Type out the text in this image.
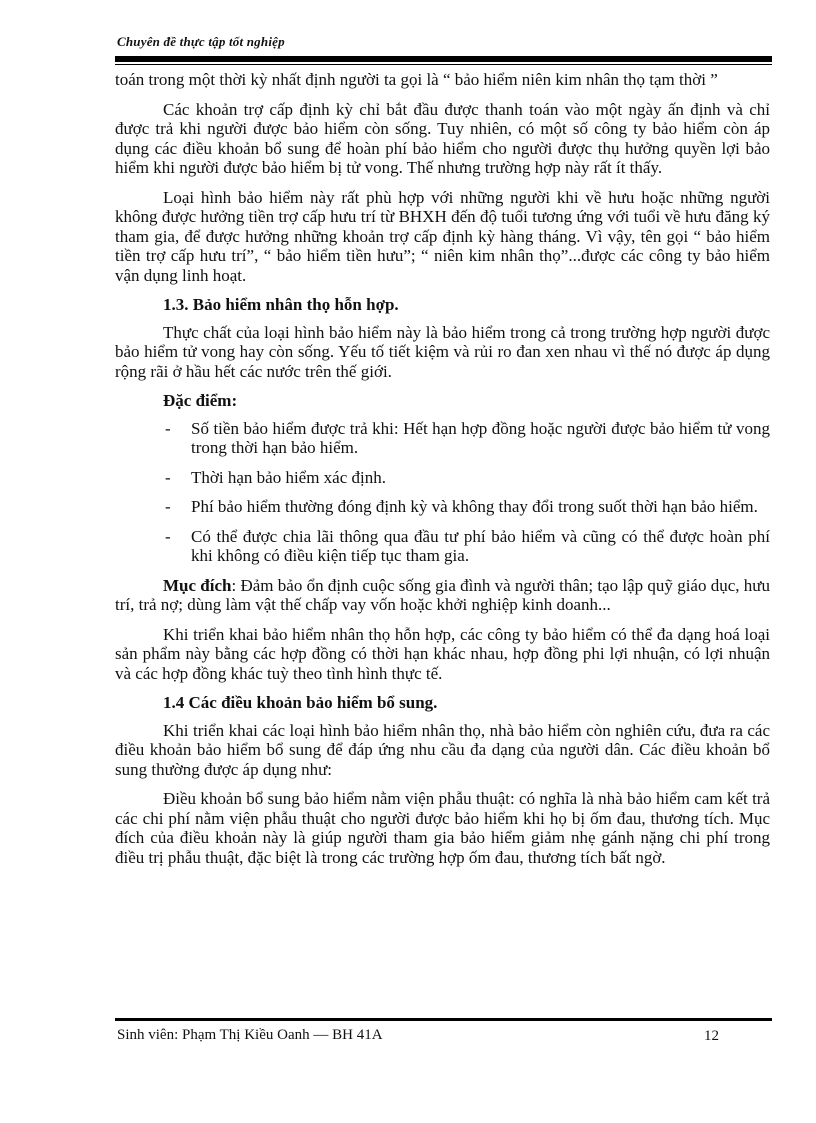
Chuyên đề thực tập tốt nghiệp

toán trong một thời kỳ nhất định người ta gọi là “ bảo hiểm niên kim nhân thọ tạm thời ”

Các khoản trợ cấp định kỳ chỉ bắt đầu được thanh toán vào một ngày ấn định và chỉ được trả khi người được bảo hiểm còn sống. Tuy nhiên, có một số công ty bảo hiểm còn áp dụng các điều khoản bổ sung để hoàn phí bảo hiểm cho người được thụ hưởng quyền lợi bảo hiểm khi người được bảo hiểm bị tử vong. Thế nhưng trường hợp này rất ít thấy.

Loại hình bảo hiểm này rất phù hợp với những người khi về hưu hoặc những người không được hưởng tiền trợ cấp hưu trí từ BHXH đến độ tuổi tương ứng với tuổi về hưu đăng ký tham gia, để được hưởng những khoản trợ cấp định kỳ hàng tháng. Vì vậy, tên gọi “ bảo hiểm tiền trợ cấp hưu trí”, “ bảo hiểm tiền hưu”; “ niên kim nhân thọ”...được các công ty bảo hiểm vận dụng linh hoạt.

1.3. Bảo hiểm nhân thọ hỗn hợp.

Thực chất của loại hình bảo hiểm này là bảo hiểm trong cả trong trường hợp người được bảo hiểm tử vong hay còn sống. Yếu tố tiết kiệm và rủi ro đan xen nhau vì thế nó được áp dụng rộng rãi ở hầu hết các nước trên thế giới.

Đặc điểm:

- Số tiền bảo hiểm được trả khi: Hết hạn hợp đồng hoặc người được bảo hiểm tử vong trong thời hạn bảo hiểm.
- Thời hạn bảo hiểm xác định.
- Phí bảo hiểm thường đóng định kỳ và không thay đổi trong suốt thời hạn bảo hiểm.
- Có thể được chia lãi thông qua đầu tư phí bảo hiểm và cũng có thể được hoàn phí khi không có điều kiện tiếp tục tham gia.

Mục đích: Đảm bảo ổn định cuộc sống gia đình và người thân; tạo lập quỹ giáo dục, hưu trí, trả nợ; dùng làm vật thế chấp vay vốn hoặc khởi nghiệp kinh doanh...

Khi triển khai bảo hiểm nhân thọ hỗn hợp, các công ty bảo hiểm có thể đa dạng hoá loại sản phẩm này bằng các hợp đồng có thời hạn khác nhau, hợp đồng phi lợi nhuận, có lợi nhuận và các hợp đồng khác tuỳ theo tình hình thực tế.

1.4 Các điều khoản bảo hiểm bổ sung.

Khi triển khai các loại hình bảo hiểm nhân thọ, nhà bảo hiểm còn nghiên cứu, đưa ra các điều khoản bảo hiểm bổ sung để đáp ứng nhu cầu đa dạng của người dân. Các điều khoản bổ sung thường được áp dụng như:

Điều khoản bổ sung bảo hiểm nằm viện phẫu thuật: có nghĩa là nhà bảo hiểm cam kết trả các chi phí nằm viện phẫu thuật cho người được bảo hiểm khi họ bị ốm đau, thương tích. Mục đích của điều khoản này là giúp người tham gia bảo hiểm giảm nhẹ gánh nặng chi phí trong điều trị phẫu thuật, đặc biệt là trong các trường hợp ốm đau, thương tích bất ngờ.

Sinh viên: Phạm Thị Kiều Oanh — BH 41A	12
